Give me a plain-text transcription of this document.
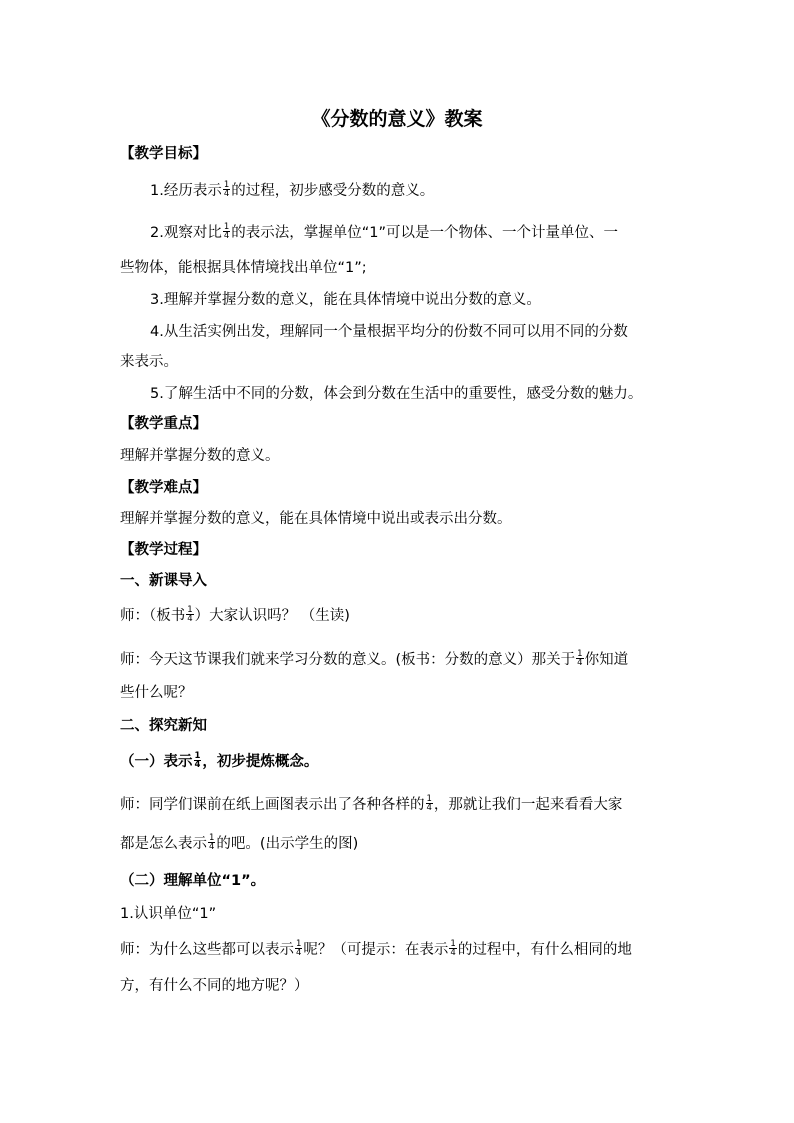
《分数的意义》教案
【教学目标】
1.经历表示 $\frac{1}{4}$ 的过程，初步感受分数的意义。
2.观察对比 $\frac{1}{4}$ 的表示法，掌握单位“1”可以是一个物体、一个计量单位、一
些物体，能根据具体情境找出单位“1”;
3.理解并掌握分数的意义，能在具体情境中说出分数的意义。
4.从生活实例出发，理解同一个量根据平均分的份数不同可以用不同的分数
来表示。
5.了解生活中不同的分数，体会到分数在生活中的重要性，感受分数的魅力。
【教学重点】
理解并掌握分数的意义。
【教学难点】
理解并掌握分数的意义，能在具体情境中说出或表示出分数。
【教学过程】
一、新课导入
师：（板书 $\frac{1}{4}$ ）大家认识吗？ （生读)
师：今天这节课我们就来学习分数的意义。(板书：分数的意义）那关于 $\frac{1}{4}$ 你知道
些什么呢？
二、探究新知
（一）表示 $\frac{1}{4}$ ，初步提炼概念。
师：同学们课前在纸上画图表示出了各种各样的 $\frac{1}{4}$ ，那就让我们一起来看看大家
都是怎么表示 $\frac{1}{4}$ 的吧。(出示学生的图)
（二）理解单位“1”。
1.认识单位“1”
师：为什么这些都可以表示 $\frac{1}{4}$ 呢？（可提示：在表示 $\frac{1}{4}$ 的过程中，有什么相同的地
方，有什么不同的地方呢？）
